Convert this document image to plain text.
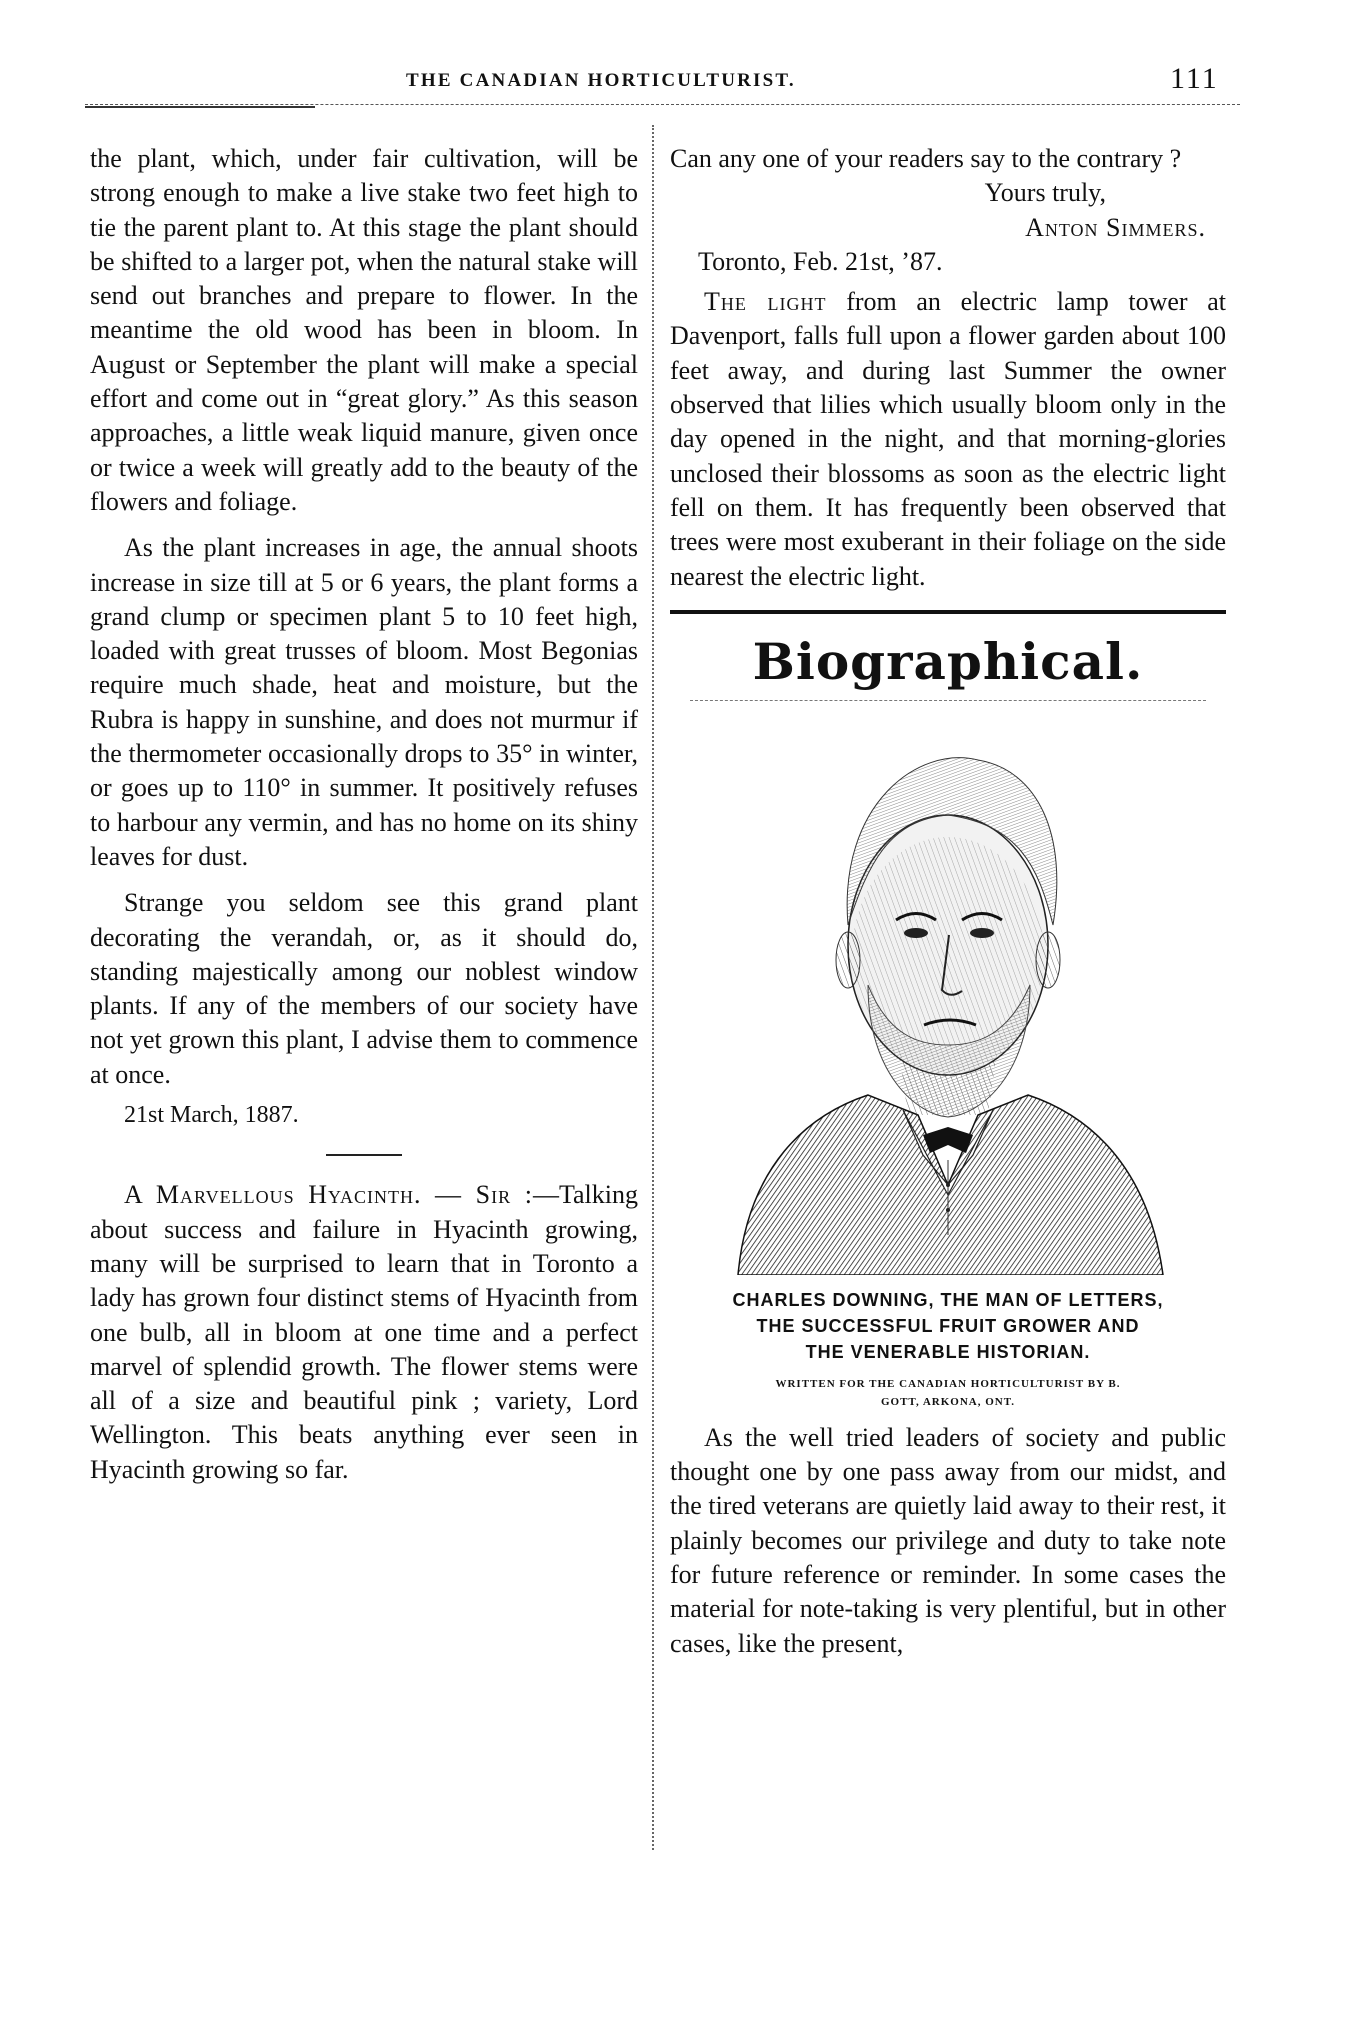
THE CANADIAN HORTICULTURIST.	111

the plant, which, under fair cultivation, will be strong enough to make a live stake two feet high to tie the parent plant to. At this stage the plant should be shifted to a larger pot, when the natural stake will send out branches and prepare to flower. In the meantime the old wood has been in bloom. In August or September the plant will make a special effort and come out in “great glory.” As this season approaches, a little weak liquid manure, given once or twice a week will greatly add to the beauty of the flowers and foliage.

As the plant increases in age, the annual shoots increase in size till at 5 or 6 years, the plant forms a grand clump or specimen plant 5 to 10 feet high, loaded with great trusses of bloom. Most Begonias require much shade, heat and moisture, but the Rubra is happy in sunshine, and does not murmur if the thermometer occasionally drops to 35° in winter, or goes up to 110° in summer. It positively refuses to harbour any vermin, and has no home on its shiny leaves for dust.

Strange you seldom see this grand plant decorating the verandah, or, as it should do, standing majestically among our noblest window plants. If any of the members of our society have not yet grown this plant, I advise them to commence at once.

21st March, 1887.

A Marvellous Hyacinth. — Sir :—Talking about success and failure in Hyacinth growing, many will be surprised to learn that in Toronto a lady has grown four distinct stems of Hyacinth from one bulb, all in bloom at one time and a perfect marvel of splendid growth. The flower stems were all of a size and beautiful pink ; variety, Lord Wellington. This beats anything ever seen in Hyacinth growing so far.

Can any one of your readers say to the contrary ?

Yours truly,

Anton Simmers.

Toronto, Feb. 21st, ’87.

The light from an electric lamp tower at Davenport, falls full upon a flower garden about 100 feet away, and during last Summer the owner observed that lilies which usually bloom only in the day opened in the night, and that morning-glories unclosed their blossoms as soon as the electric light fell on them. It has frequently been observed that trees were most exuberant in their foliage on the side nearest the electric light.

Biographical.
CHARLES DOWNING, THE MAN OF LETTERS,
THE SUCCESSFUL FRUIT GROWER AND
THE VENERABLE HISTORIAN.
WRITTEN FOR THE CANADIAN HORTICULTURIST BY B.
GOTT, ARKONA, ONT.

As the well tried leaders of society and public thought one by one pass away from our midst, and the tired veterans are quietly laid away to their rest, it plainly becomes our privilege and duty to take note for future reference or reminder. In some cases the material for note-taking is very plentiful, but in other cases, like the present,
